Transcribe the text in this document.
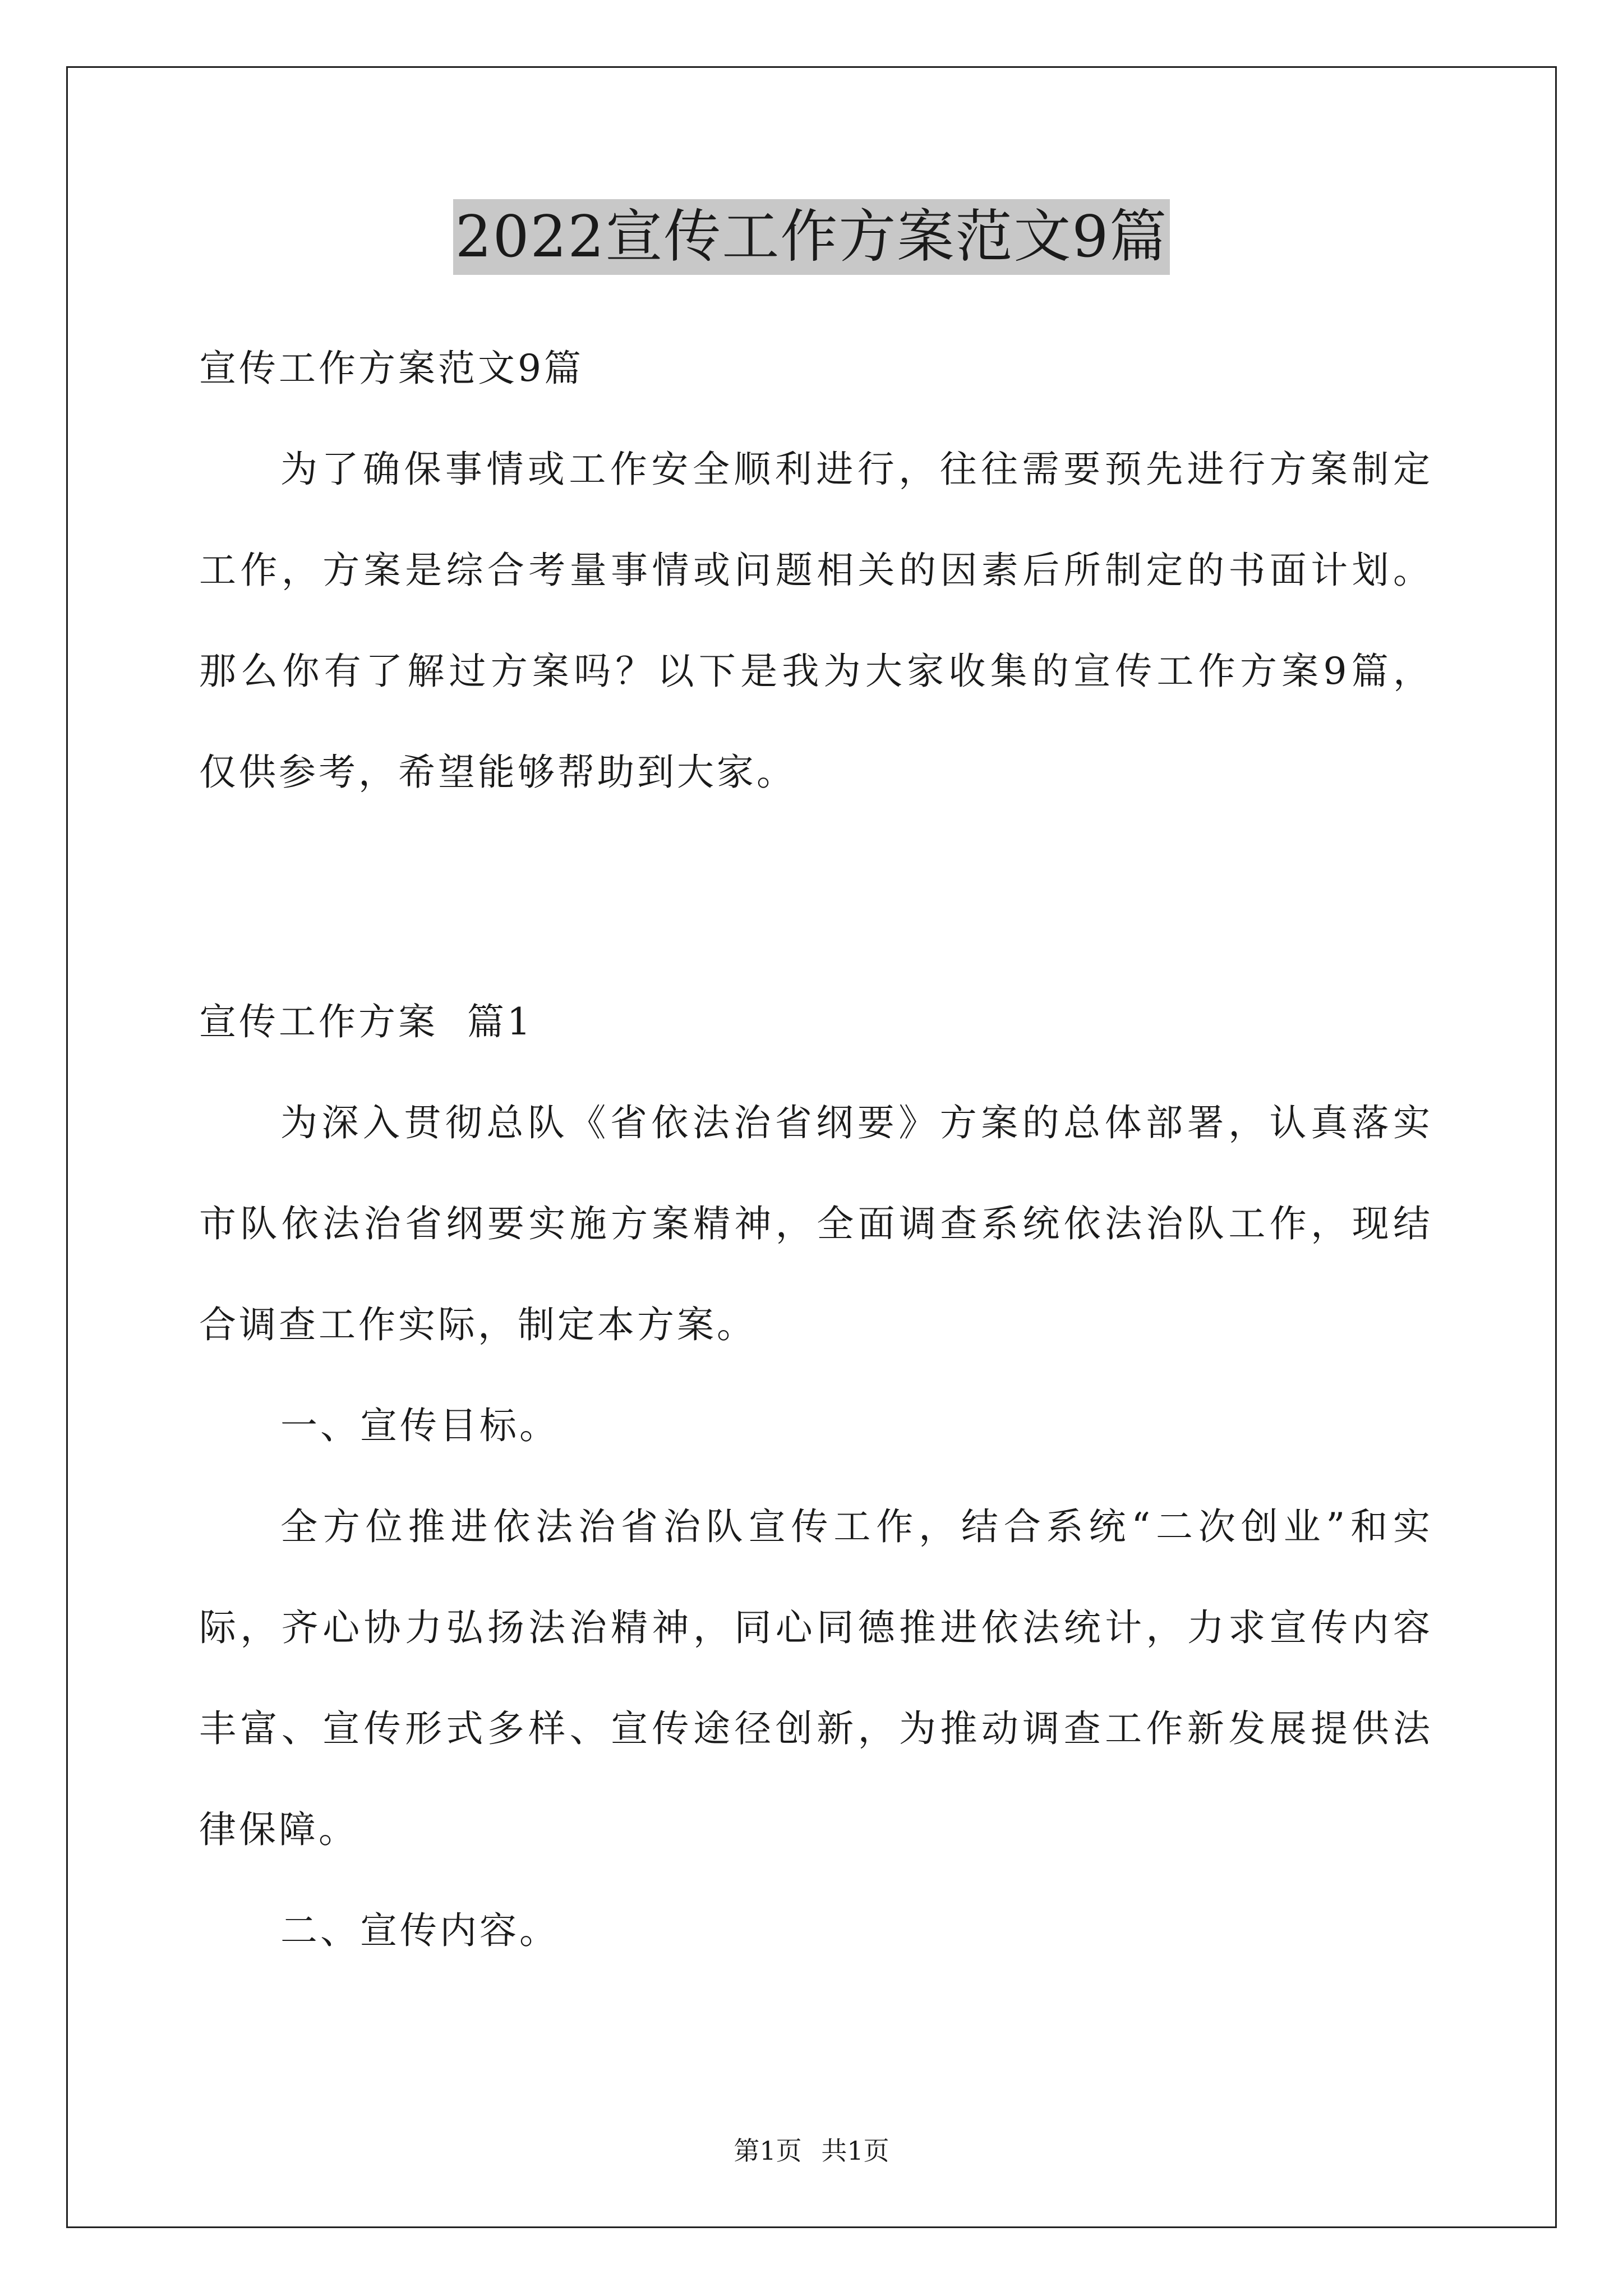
2022宣传工作方案范文9篇
宣传工作方案范文9篇
为了确保事情或工作安全顺利进行，往往需要预先进行方案制定
工作，方案是综合考量事情或问题相关的因素后所制定的书面计划。
那么你有了解过方案吗？以下是我为大家收集的宣传工作方案9篇，
仅供参考，希望能够帮助到大家。
宣传工作方案  篇1
为深入贯彻总队《省依法治省纲要》方案的总体部署，认真落实
市队依法治省纲要实施方案精神，全面调查系统依法治队工作，现结
合调查工作实际，制定本方案。
一、宣传目标。
全方位推进依法治省治队宣传工作，结合系统“二次创业”和实
际，齐心协力弘扬法治精神，同心同德推进依法统计，力求宣传内容
丰富、宣传形式多样、宣传途径创新，为推动调查工作新发展提供法
律保障。
二、宣传内容。
第1页 共1页
